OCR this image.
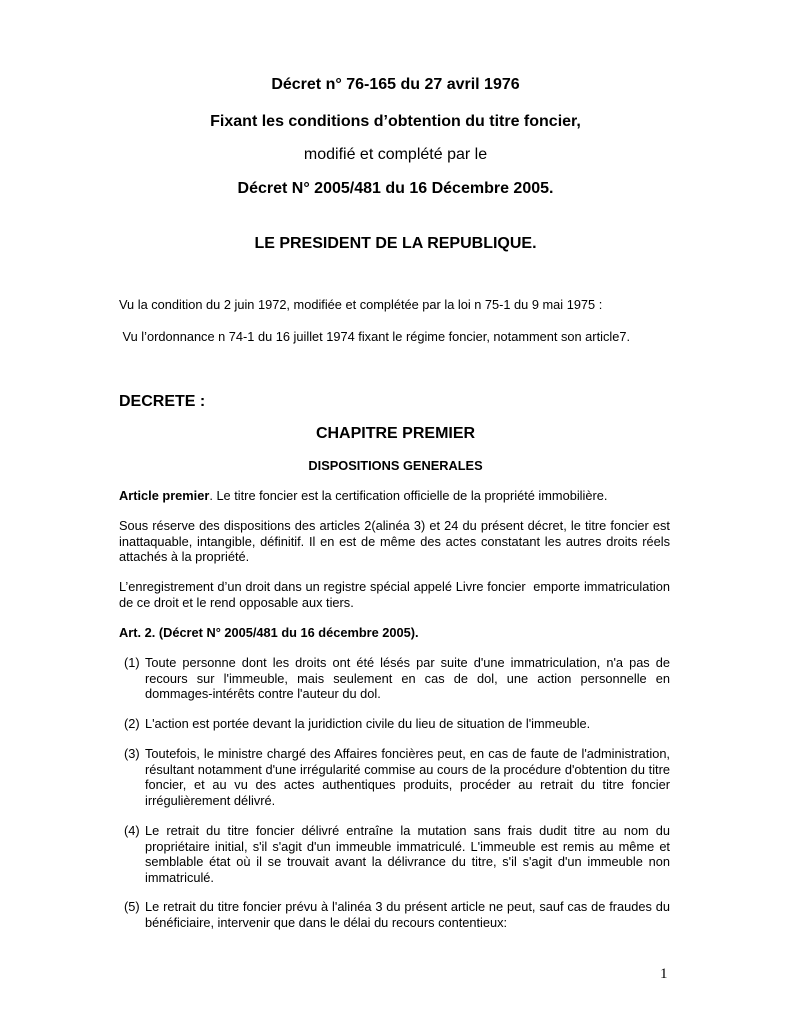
Décret n° 76-165 du 27 avril 1976
Fixant les conditions d’obtention du titre foncier,
modifié et complété par le
Décret N° 2005/481 du 16 Décembre 2005.
LE PRESIDENT DE LA REPUBLIQUE.
Vu la condition du 2 juin 1972, modifiée et complétée par la loi n 75-1 du 9 mai 1975 :
Vu l’ordonnance n 74-1 du 16 juillet 1974 fixant le régime foncier, notamment son article7.
DECRETE :
CHAPITRE PREMIER
DISPOSITIONS GENERALES
Article premier. Le titre foncier est la certification officielle de la propriété immobilière.
Sous réserve des dispositions des articles 2(alinéa 3) et 24 du présent décret, le titre foncier est inattaquable, intangible, définitif. Il en est de même des actes constatant les autres droits réels attachés à la propriété.
L’enregistrement d’un droit dans un registre spécial appelé Livre foncier  emporte immatriculation de ce droit et le rend opposable aux tiers.
Art. 2. (Décret N° 2005/481 du 16 décembre 2005).
(1) Toute personne dont les droits ont été lésés par suite d'une immatriculation, n'a pas de recours sur l'immeuble, mais seulement en cas de dol, une action personnelle en dommages-intérêts contre l'auteur du dol.
(2) L'action est portée devant la juridiction civile du lieu de situation de l'immeuble.
(3) Toutefois, le ministre chargé des Affaires foncières peut, en cas de faute de l'administration, résultant notamment d'une irrégularité commise au cours de la procédure d'obtention du titre foncier, et au vu des actes authentiques produits, procéder au retrait du titre foncier irrégulièrement délivré.
(4) Le retrait du titre foncier délivré entraîne la mutation sans frais dudit titre au nom du propriétaire initial, s'il s'agit d'un immeuble immatriculé. L'immeuble est remis au même et semblable état où il se trouvait avant la délivrance du titre, s'il s'agit d'un immeuble non immatriculé.
(5) Le retrait du titre foncier prévu à l'alinéa 3 du présent article ne peut, sauf cas de fraudes du bénéficiaire, intervenir que dans le délai du recours contentieux:
1
